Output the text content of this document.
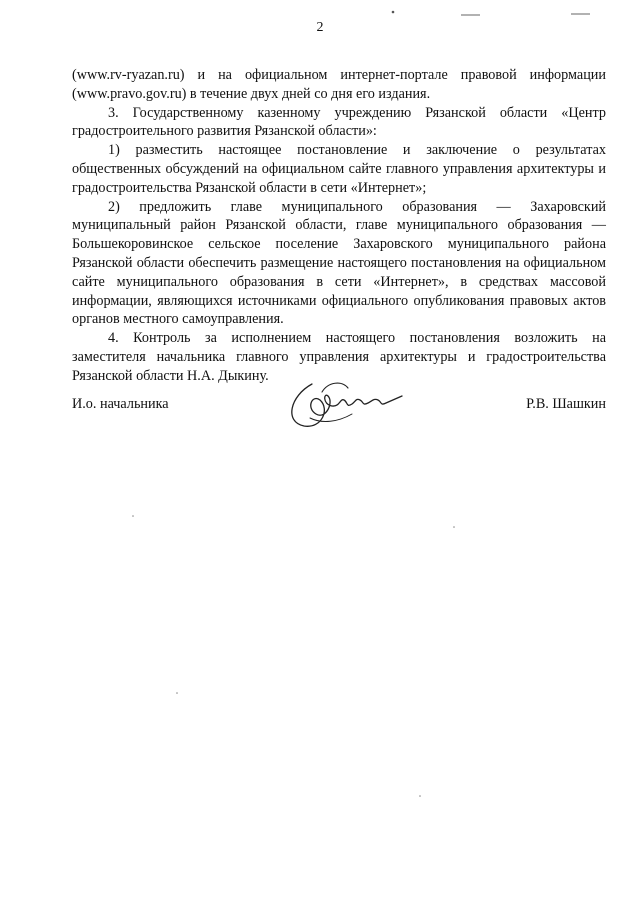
2

(www.rv-ryazan.ru) и на официальном интернет-портале правовой информации (www.pravo.gov.ru) в течение двух дней со дня его издания.

3. Государственному казенному учреждению Рязанской области «Центр градостроительного развития Рязанской области»:

1) разместить настоящее постановление и заключение о результатах общественных обсуждений на официальном сайте главного управления архитектуры и градостроительства Рязанской области в сети «Интернет»;

2) предложить главе муниципального образования — Захаровский муниципальный район Рязанской области, главе муниципального образования — Большекоровинское сельское поселение Захаровского муниципального района Рязанской области обеспечить размещение настоящего постановления на официальном сайте муниципального образования в сети «Интернет», в средствах массовой информации, являющихся источниками официального опубликования правовых актов органов местного самоуправления.

4. Контроль за исполнением настоящего постановления возложить на заместителя начальника главного управления архитектуры и градостроительства Рязанской области Н.А. Дыкину.

И.о. начальника	Р.В. Шашкин
